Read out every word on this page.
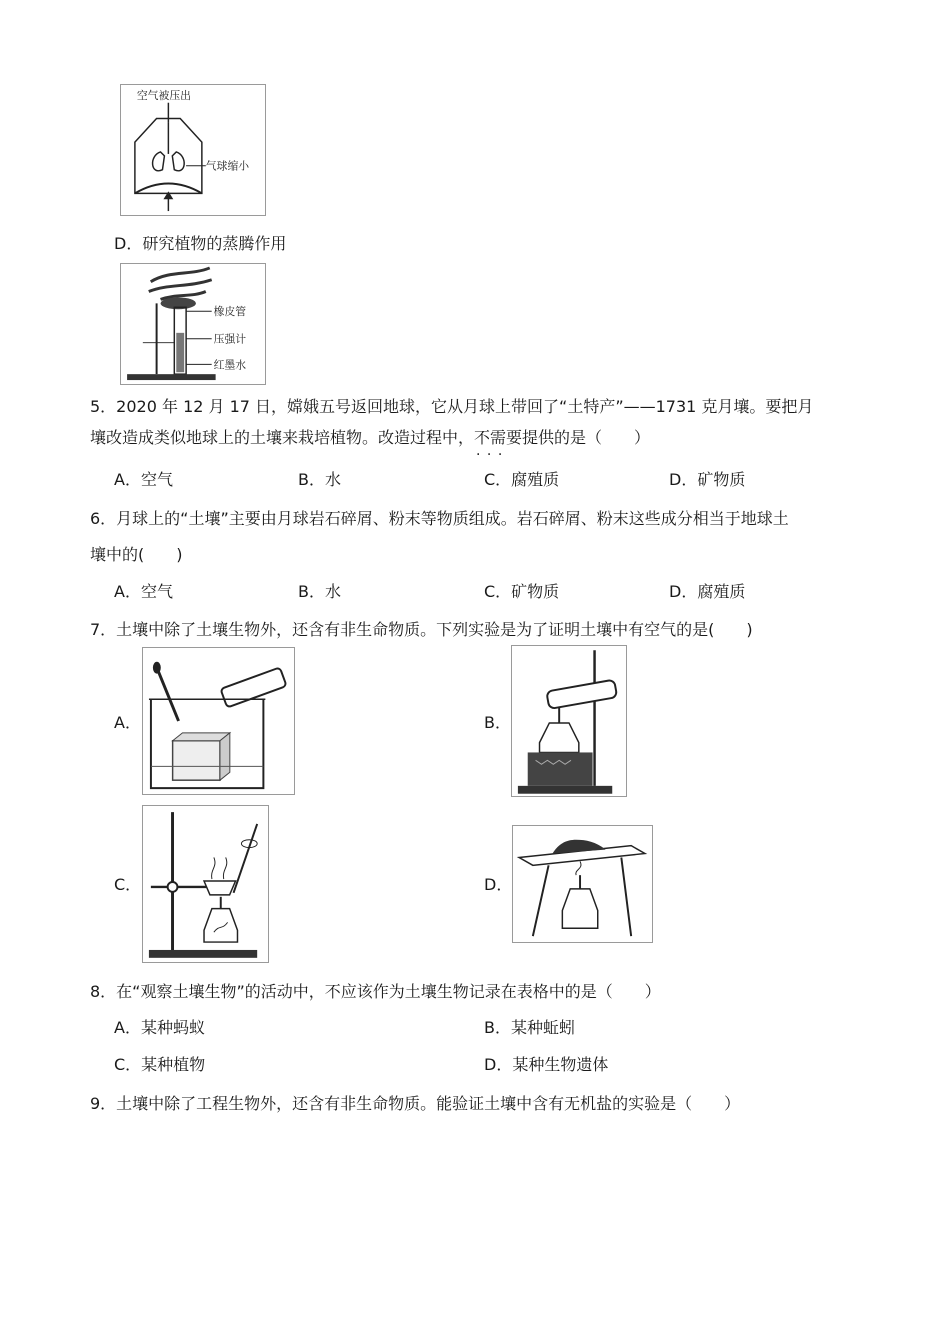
空气被压出
气球缩小
D．研究植物的蒸腾作用
橡皮管
压强计
红墨水
5．2020 年 12 月 17 日，嫦娥五号返回地球，它从月球上带回了“土特产”——1731 克月壤。要把月
壤改造成类似地球上的土壤来栽培植物。改造过程中，不需要 · · ·提供的是（　　）
A．空气	B．水	C．腐殖质	D．矿物质
6．月球上的“土壤”主要由月球岩石碎屑、粉末等物质组成。岩石碎屑、粉末这些成分相当于地球土
壤中的(　　)
A．空气	B．水	C．矿物质	D．腐殖质
7．土壤中除了土壤生物外，还含有非生命物质。下列实验是为了证明土壤中有空气的是(　　)
A．	B．
C．	D．
8．在“观察土壤生物”的活动中，不应该作为土壤生物记录在表格中的是（　　）
A．某种蚂蚁	B．某种蚯蚓
C．某种植物	D．某种生物遗体
9．土壤中除了工程生物外，还含有非生命物质。能验证土壤中含有无机盐的实验是（　　）
